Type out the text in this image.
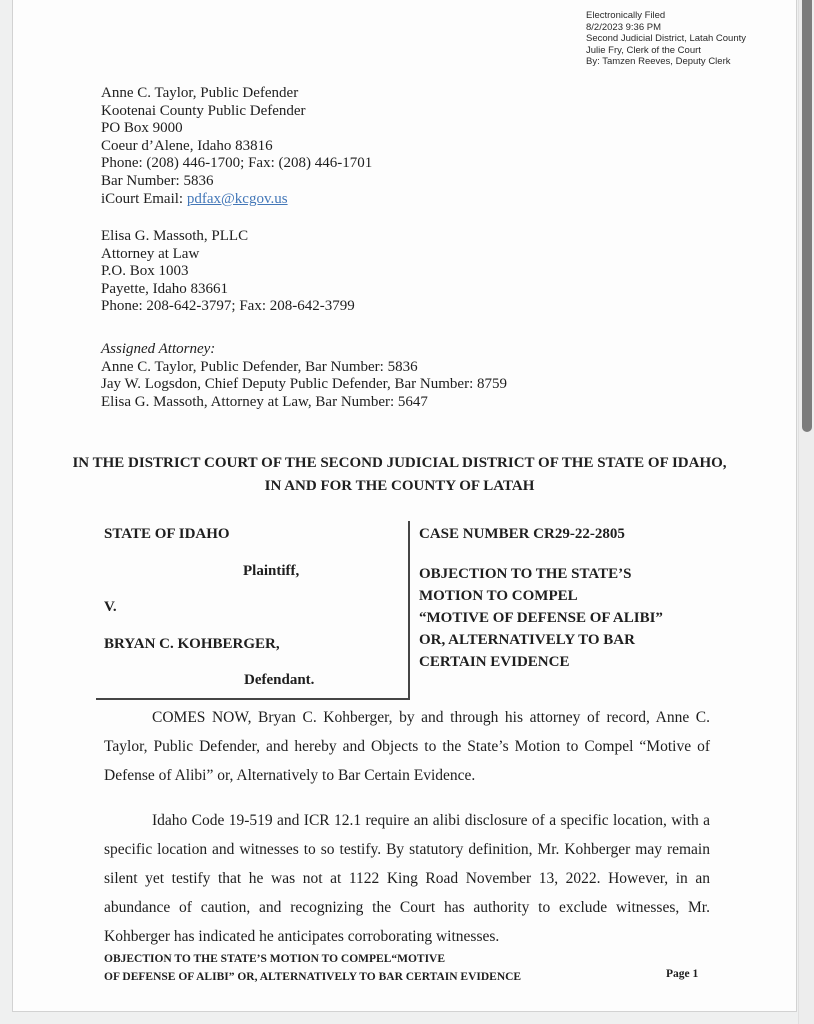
Electronically Filed
8/2/2023 9:36 PM
Second Judicial District, Latah County
Julie Fry, Clerk of the Court
By: Tamzen Reeves, Deputy Clerk
Anne C. Taylor, Public Defender
Kootenai County Public Defender
PO Box 9000
Coeur d’Alene, Idaho 83816
Phone: (208) 446-1700; Fax: (208) 446-1701
Bar Number: 5836
iCourt Email: pdfax@kcgov.us
Elisa G. Massoth, PLLC
Attorney at Law
P.O. Box 1003
Payette, Idaho 83661
Phone: 208-642-3797; Fax: 208-642-3799
Assigned Attorney:
Anne C. Taylor, Public Defender, Bar Number: 5836
Jay W. Logsdon, Chief Deputy Public Defender, Bar Number: 8759
Elisa G. Massoth, Attorney at Law, Bar Number: 5647
IN THE DISTRICT COURT OF THE SECOND JUDICIAL DISTRICT OF THE STATE OF IDAHO, IN AND FOR THE COUNTY OF LATAH
STATE OF IDAHO
Plaintiff,
V.
BRYAN C. KOHBERGER,
Defendant.
CASE NUMBER CR29-22-2805
OBJECTION TO THE STATE’S
MOTION TO COMPEL
“MOTIVE OF DEFENSE OF ALIBI”
OR, ALTERNATIVELY TO BAR
CERTAIN EVIDENCE
COMES NOW, Bryan C. Kohberger, by and through his attorney of record, Anne C. Taylor, Public Defender, and hereby and Objects to the State’s Motion to Compel “Motive of Defense of Alibi” or, Alternatively to Bar Certain Evidence.
Idaho Code 19-519 and ICR 12.1 require an alibi disclosure of a specific location, with a specific location and witnesses to so testify. By statutory definition, Mr. Kohberger may remain silent yet testify that he was not at 1122 King Road November 13, 2022. However, in an abundance of caution, and recognizing the Court has authority to exclude witnesses, Mr. Kohberger has indicated he anticipates corroborating witnesses.
OBJECTION TO THE STATE’S MOTION TO COMPEL“MOTIVE
OF DEFENSE OF ALIBI” OR, ALTERNATIVELY TO BAR CERTAIN EVIDENCE	Page 1
